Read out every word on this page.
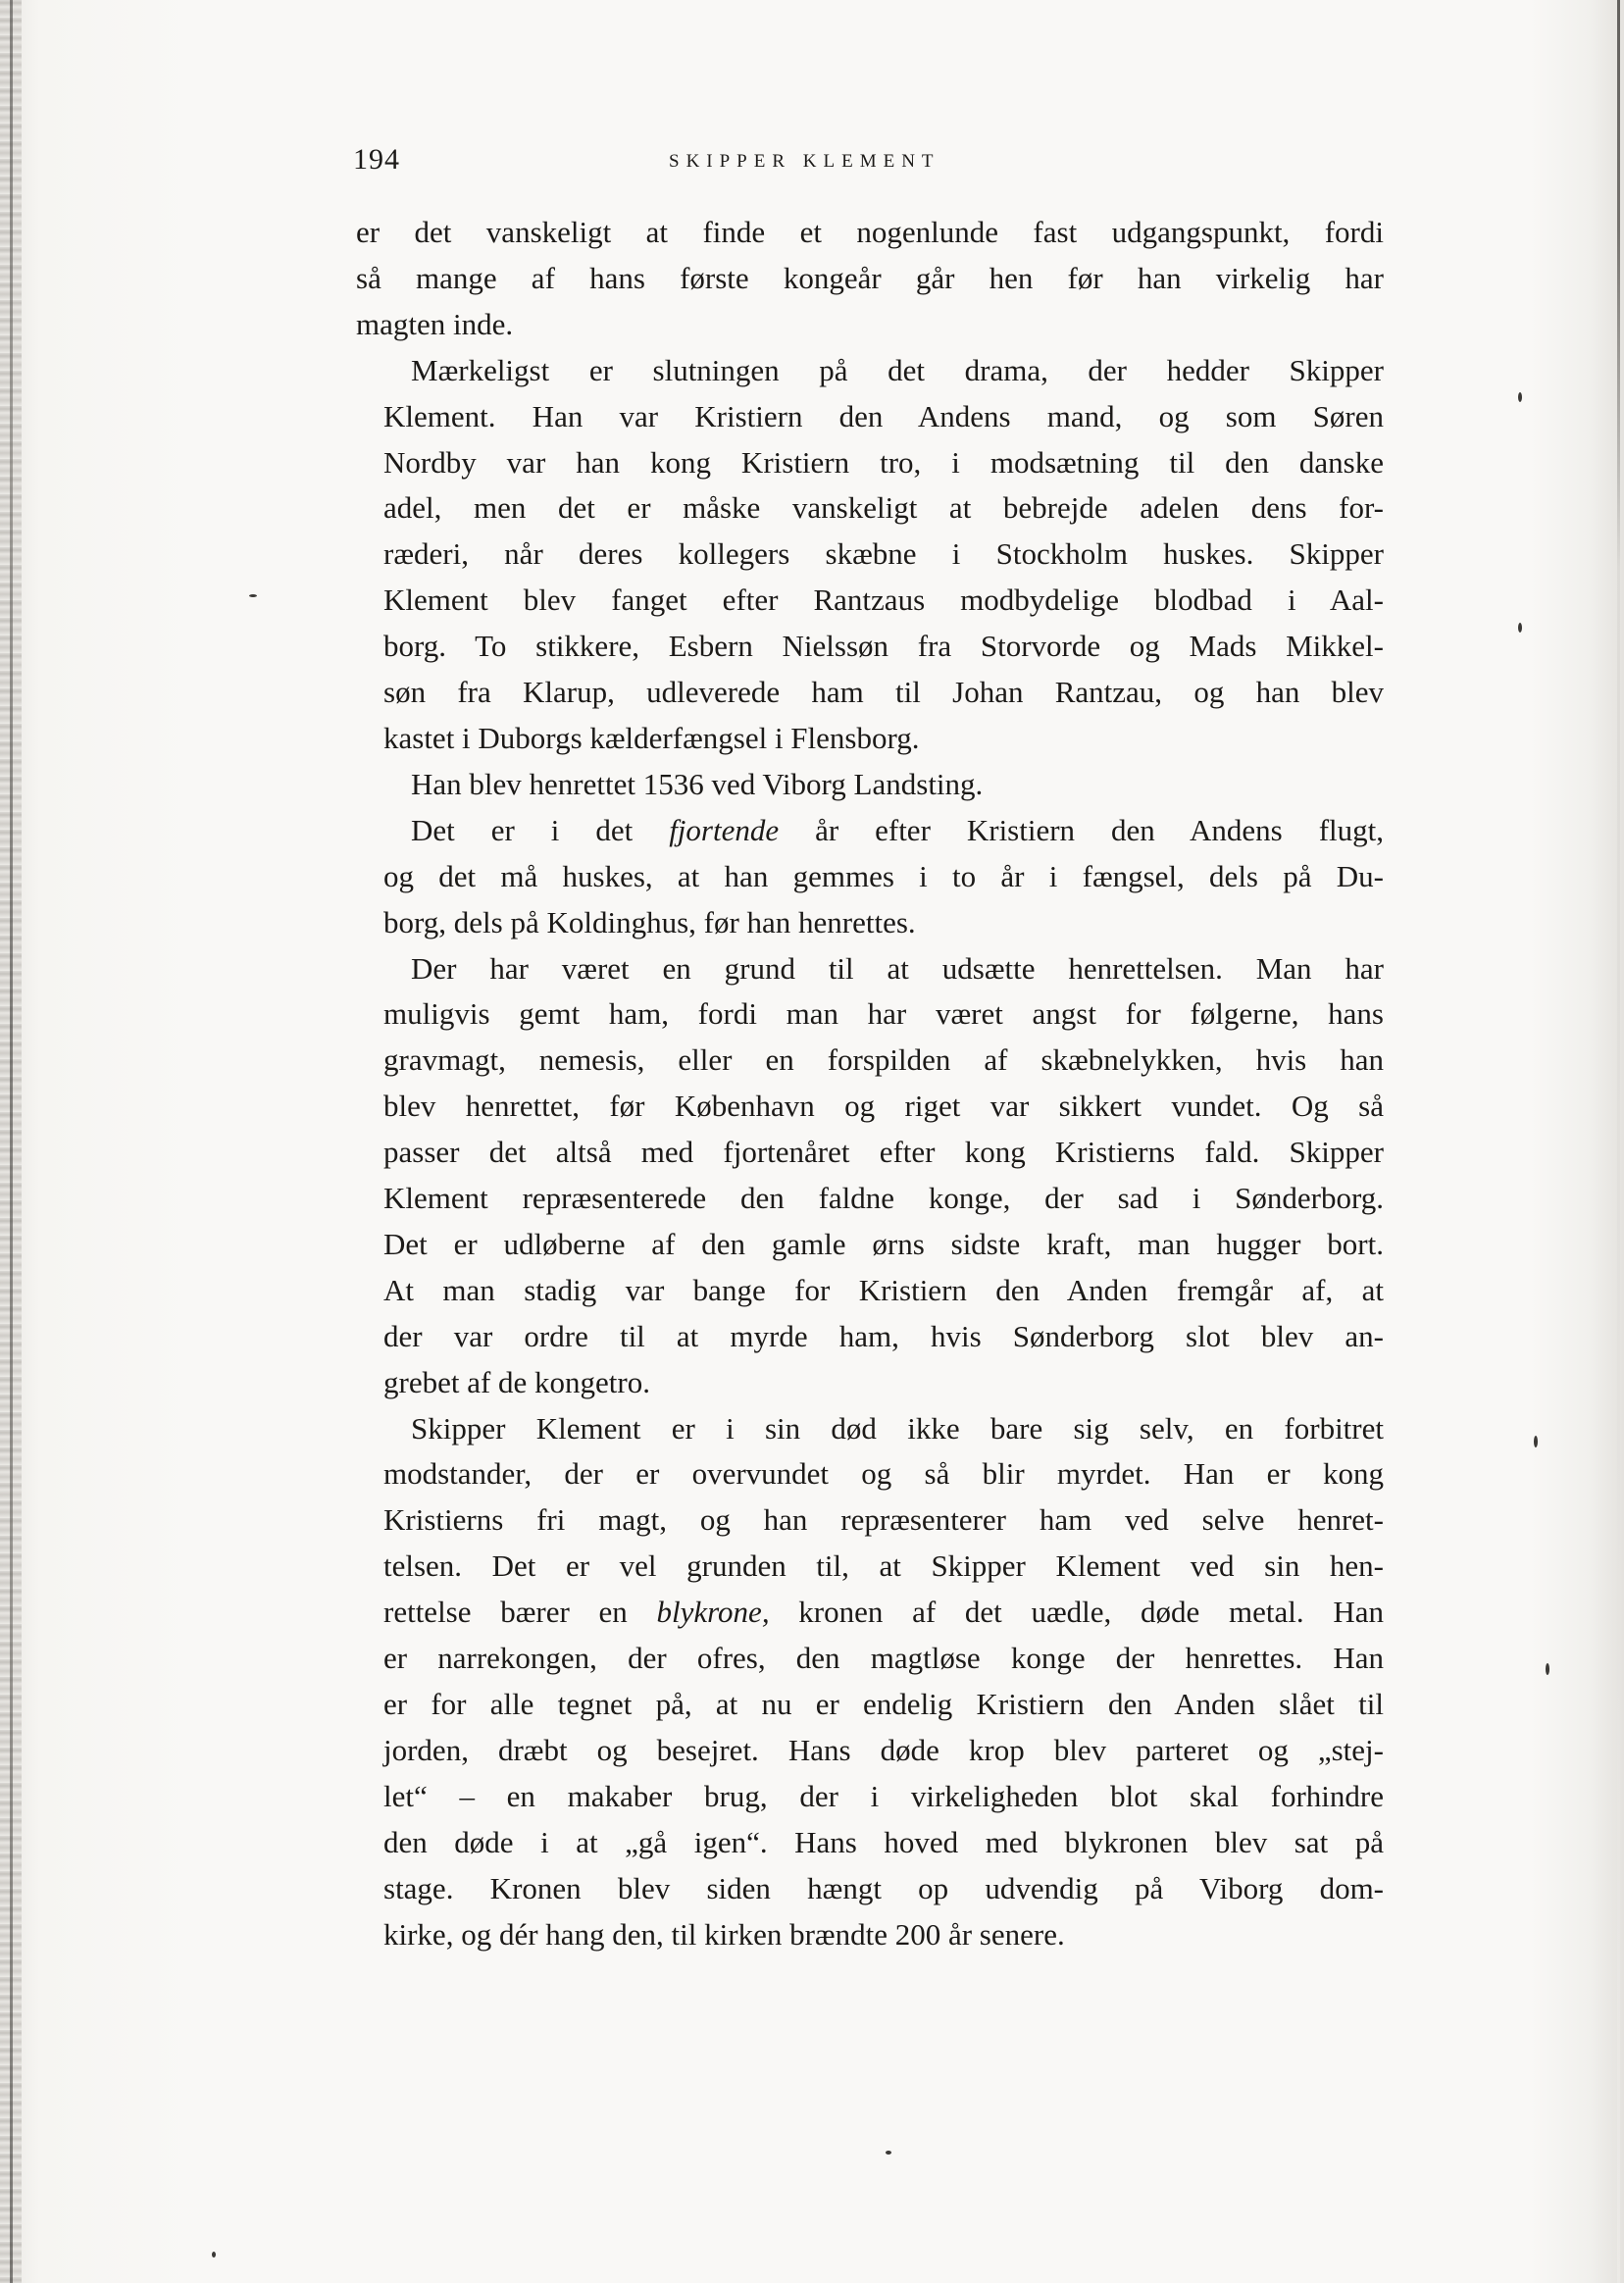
194	SKIPPER KLEMENT

er det vanskeligt at finde et nogenlunde fast udgangspunkt, fordi
så mange af hans første kongeår går hen før han virkelig har
magten inde.

Mærkeligst er slutningen på det drama, der hedder Skipper
Klement. Han var Kristiern den Andens mand, og som Søren
Nordby var han kong Kristiern tro, i modsætning til den danske
adel, men det er måske vanskeligt at bebrejde adelen dens for-
ræderi, når deres kollegers skæbne i Stockholm huskes. Skipper
Klement blev fanget efter Rantzaus modbydelige blodbad i Aal-
borg. To stikkere, Esbern Nielssøn fra Storvorde og Mads Mikkel-
søn fra Klarup, udleverede ham til Johan Rantzau, og han blev
kastet i Duborgs kælderfængsel i Flensborg.

Han blev henrettet 1536 ved Viborg Landsting.

Det er i det fjortende år efter Kristiern den Andens flugt,
og det må huskes, at han gemmes i to år i fængsel, dels på Du-
borg, dels på Koldinghus, før han henrettes.

Der har været en grund til at udsætte henrettelsen. Man har
muligvis gemt ham, fordi man har været angst for følgerne, hans
gravmagt, nemesis, eller en forspilden af skæbnelykken, hvis han
blev henrettet, før København og riget var sikkert vundet. Og så
passer det altså med fjortenåret efter kong Kristierns fald. Skipper
Klement repræsenterede den faldne konge, der sad i Sønderborg.
Det er udløberne af den gamle ørns sidste kraft, man hugger bort.
At man stadig var bange for Kristiern den Anden fremgår af, at
der var ordre til at myrde ham, hvis Sønderborg slot blev an-
grebet af de kongetro.

Skipper Klement er i sin død ikke bare sig selv, en forbitret
modstander, der er overvundet og så blir myrdet. Han er kong
Kristierns fri magt, og han repræsenterer ham ved selve henret-
telsen. Det er vel grunden til, at Skipper Klement ved sin hen-
rettelse bærer en blykrone, kronen af det uædle, døde metal. Han
er narrekongen, der ofres, den magtløse konge der henrettes. Han
er for alle tegnet på, at nu er endelig Kristiern den Anden slået til
jorden, dræbt og besejret. Hans døde krop blev parteret og „stej-
let“ – en makaber brug, der i virkeligheden blot skal forhindre
den døde i at „gå igen“. Hans hoved med blykronen blev sat på
stage. Kronen blev siden hængt op udvendig på Viborg dom-
kirke, og dér hang den, til kirken brændte 200 år senere.
